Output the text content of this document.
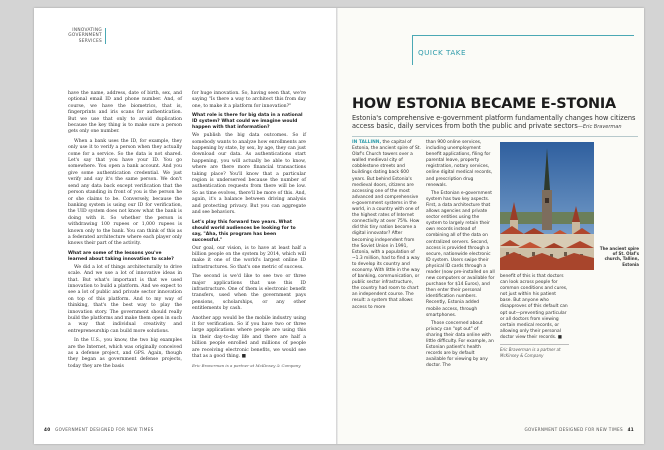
INNOVATING
GOVERNMENT
SERVICES

have the name, address, date of birth, sex, and optional email ID and phone number. And, of course, we have the biometrics, that is, fingerprints and iris scans for authentication. But we use that only to avoid duplication because the key thing is to make sure a person gets only one number.

When a bank uses the ID, for example, they only use it to verify a person when they actually come for a service. So the data is not shared. Let's say that you have your ID. You go somewhere. You open a bank account. And you give some authentication credential. We just verify and say it's the same person. We don't send any data back except verification that the person standing in front of you is the person he or she claims to be. Conversely, because the banking system is using our ID for verification, the UID system does not know what the bank is doing with it. So whether the person is withdrawing 100 rupees or 1,000 rupees is known only to the bank. You can think of this as a federated architecture where each player only knows their part of the activity.

What are some of the lessons you've learned about taking innovation to scale?

We did a lot of things architecturally to drive scale. And we use a lot of innovative ideas in that. But what's important is that we used innovation to build a platform. And we expect to see a lot of public and private sector innovation on top of this platform. And to my way of thinking, that's the best way to play the innovation story. The government should really build the platforms and make them open in such a way that individual creativity and entrepreneurship can build more solutions.

In the U.S., you know, the two big examples are the Internet, which was originally conceived as a defense project, and GPS. Again, though they began as government defense projects, today they are the basis

for huge innovation. So, having seen that, we're saying "Is there a way to architect this from day one, to make it a platform for innovation?"

What role is there for big data in a national ID system? What could we imagine would happen with that information?

We publish the big data outcomes. So if somebody wants to analyze how enrollments are happening by state, by sex, by age, they can just download our data. As authentications start happening, you will actually be able to know, where are there more financial transactions taking place? You'll know that a particular region is underserved because the number of authentication requests from there will be low. So as time evolves, there'll be more of this. And, again, it's a balance between driving analysis and protecting privacy. But you can aggregate and see behaviors.

Let's play this forward two years. What should world audiences be looking for to say, "Aha, this program has been successful."

Our goal, our vision, is to have at least half a billion people on the system by 2014, which will make it one of the world's largest online ID infrastructures. So that's one metric of success.

The second is we'd like to see two or three major applications that use this ID infrastructure. One of them is electronic benefit transfers, used when the government pays pensions, scholarships, or any other entitlements by cash.

Another app would be the mobile industry using it for verification. So if you have two or three large applications where people are using this in their day-to-day life and there are half a billion people enrolled and millions of people are receiving electronic benefits, we would see that as a good thing. ■

Eric Braverman is a partner at McKinsey & Company

40 GOVERNMENT DESIGNED FOR NEW TIMES
QUICK TAKE
HOW ESTONIA BECAME E-STONIA
Estonia's comprehensive e-government platform fundamentally changes how citizens access basic, daily services from both the public and private sectors—Eric Braverman

IN TALLINN, the capital of Estonia, the ancient spire of St. Olaf's Church towers over a walled medieval city of cobblestone streets and buildings dating back 600 years. But behind Estonia's medieval doors, citizens are accessing one of the most advanced and comprehensive e-government systems in the world, in a country with one of the highest rates of Internet connectivity at over 75%. How did this tiny nation become a digital innovator? After becoming independent from the Soviet Union in 1991, Estonia, with a population of ~1.3 million, had to find a way to develop its country and economy. With little in the way of banking, communication, or public sector infrastructure, the country had room to chart an independent course. The result: a system that allows access to more

than 900 online services, including unemployment benefit applications, filing for parental leave, property registration, notary services, online digital medical records, and prescription drug renewals.

The Estonian e-government system has two key aspects. First, a data architecture that allows agencies and private sector entities using the system to largely retain their own records instead of combining all of the data on centralized servers. Second, access is provided through a secure, nationwide electronic ID system. Users swipe their physical ID cards through a reader (now pre-installed on all new computers or available for purchase for $14 Euros), and then enter their personal identification numbers. Recently, Estonia added mobile access, through smartphones.

Those concerned about privacy can "opt out" of sharing their data online with little difficulty. For example, an Estonian patient's health records are by default available for viewing by any doctor. The

The ancient spire of St. Olaf's church, Tallinn, Estonia

benefit of this is that doctors can look across people for common conditions and cures, not just within his patient base. But anyone who disapproves of this default can opt out—preventing particular or all doctors from viewing certain medical records, or allowing only their personal doctor view their records. ■

Eric Braverman is a partner at McKinsey & Company

GOVERNMENT DESIGNED FOR NEW TIMES 41
